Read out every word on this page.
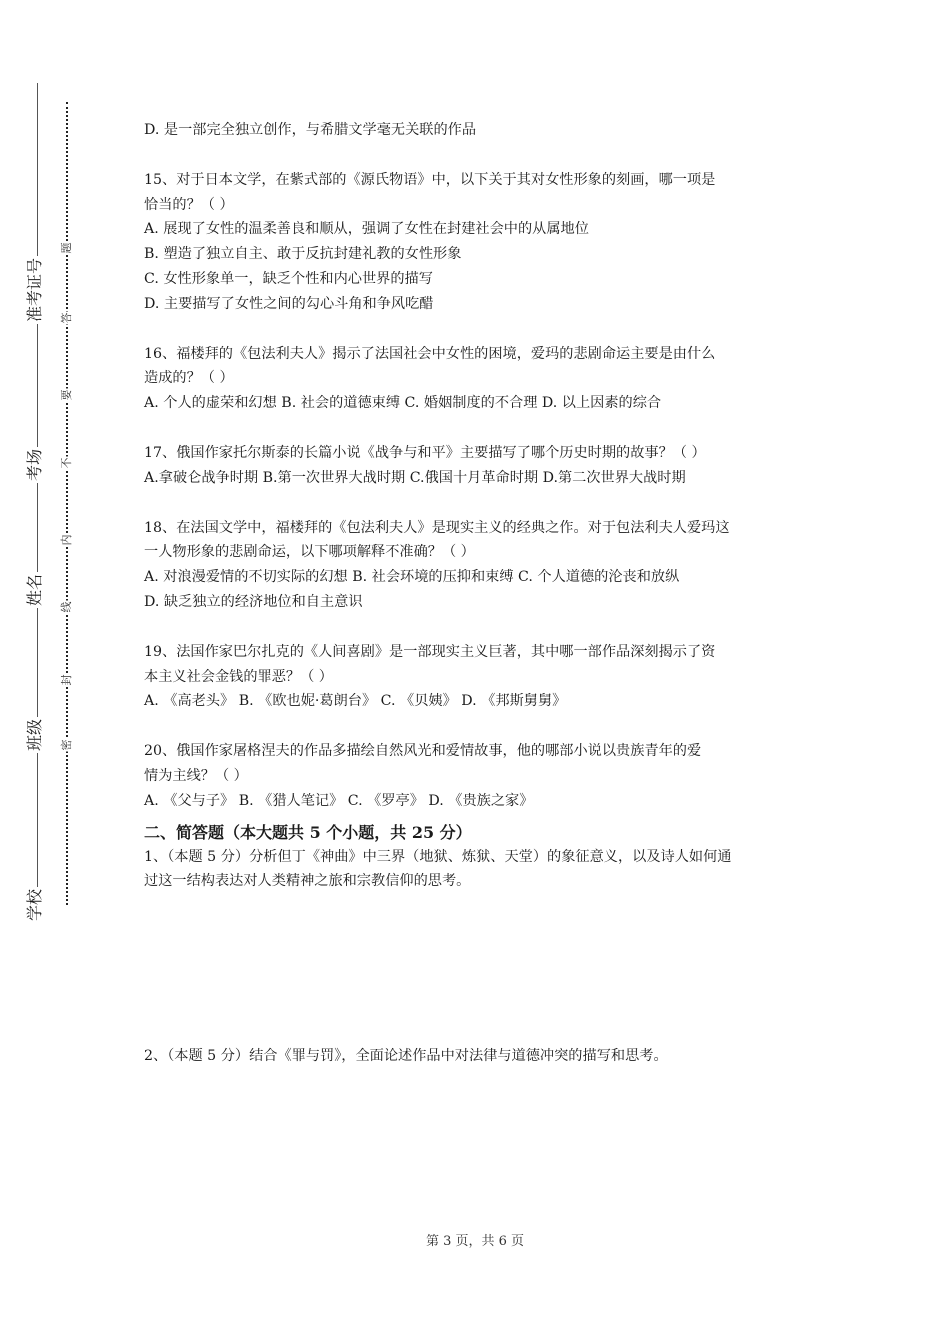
准考证号
考场
姓名
班级
学校
题
答
要
不
内
线
封
密
D. 是一部完全独立创作，与希腊文学毫无关联的作品
15、对于日本文学，在紫式部的《源氏物语》中，以下关于其对女性形象的刻画，哪一项是
恰当的？（ ）
A. 展现了女性的温柔善良和顺从，强调了女性在封建社会中的从属地位
B. 塑造了独立自主、敢于反抗封建礼教的女性形象
C. 女性形象单一，缺乏个性和内心世界的描写
D. 主要描写了女性之间的勾心斗角和争风吃醋
16、福楼拜的《包法利夫人》揭示了法国社会中女性的困境，爱玛的悲剧命运主要是由什么
造成的？（ ）
A. 个人的虚荣和幻想 B. 社会的道德束缚 C. 婚姻制度的不合理 D. 以上因素的综合
17、俄国作家托尔斯泰的长篇小说《战争与和平》主要描写了哪个历史时期的故事？（ ）
A.拿破仑战争时期 B.第一次世界大战时期 C.俄国十月革命时期 D.第二次世界大战时期
18、在法国文学中，福楼拜的《包法利夫人》是现实主义的经典之作。对于包法利夫人爱玛这
一人物形象的悲剧命运，以下哪项解释不准确？（ ）
A. 对浪漫爱情的不切实际的幻想 B. 社会环境的压抑和束缚 C. 个人道德的沦丧和放纵
D. 缺乏独立的经济地位和自主意识
19、法国作家巴尔扎克的《人间喜剧》是一部现实主义巨著，其中哪一部作品深刻揭示了资
本主义社会金钱的罪恶？（ ）
A. 《高老头》 B. 《欧也妮·葛朗台》 C. 《贝姨》 D. 《邦斯舅舅》
20、俄国作家屠格涅夫的作品多描绘自然风光和爱情故事，他的哪部小说以贵族青年的爱
情为主线？（ ）
A. 《父与子》 B. 《猎人笔记》 C. 《罗亭》 D. 《贵族之家》
二、简答题（本大题共 5 个小题，共 25 分）
1、（本题 5 分）分析但丁《神曲》中三界（地狱、炼狱、天堂）的象征意义，以及诗人如何通
过这一结构表达对人类精神之旅和宗教信仰的思考。
2、（本题 5 分）结合《罪与罚》，全面论述作品中对法律与道德冲突的描写和思考。
第 3 页，共 6 页
